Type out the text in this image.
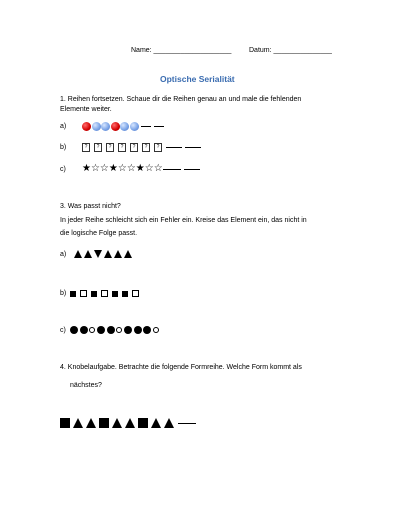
Name: ____________________	Datum: _______________
Optische Serialität
1. Reihen fortsetzen. Schaue dir die Reihen genau an und male die fehlenden
Elemente weiter.
a)
b)	?	?	?	?	?	?	?
c)	★☆☆★☆☆★☆☆
3. Was passt nicht?
In jeder Reihe schleicht sich ein Fehler ein. Kreise das Element ein, das nicht in
die logische Folge passt.
a)
b)
c)
4. Knobelaufgabe. Betrachte die folgende Formreihe. Welche Form kommt als
nächstes?
